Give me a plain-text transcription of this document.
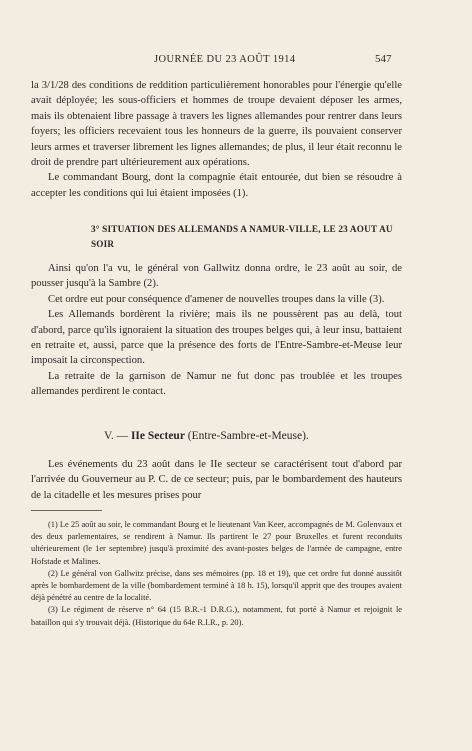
JOURNÉE DU 23 AOÛT 1914	547

la 3/1/28 des conditions de reddition particulièrement honorables pour l'énergie qu'elle avait déployée; les sous-officiers et hommes de troupe devaient déposer les armes, mais ils obtenaient libre passage à travers les lignes allemandes pour rentrer dans leurs foyers; les officiers recevaient tous les honneurs de la guerre, ils pouvaient conserver leurs armes et traverser librement les lignes allemandes; de plus, il leur était reconnu le droit de prendre part ultérieurement aux opérations.

Le commandant Bourg, dont la compagnie était entourée, dut bien se résoudre à accepter les conditions qui lui étaient imposées (1).

3° SITUATION DES ALLEMANDS A NAMUR-VILLE, LE 23 AOUT AU SOIR

Ainsi qu'on l'a vu, le général von Gallwitz donna ordre, le 23 août au soir, de pousser jusqu'à la Sambre (2).

Cet ordre eut pour conséquence d'amener de nouvelles troupes dans la ville (3).

Les Allemands bordèrent la rivière; mais ils ne poussèrent pas au delà, tout d'abord, parce qu'ils ignoraient la situation des troupes belges qui, à leur insu, battaient en retraite et, aussi, parce que la présence des forts de l'Entre-Sambre-et-Meuse leur imposait la circonspection.

La retraite de la garnison de Namur ne fut donc pas troublée et les troupes allemandes perdirent le contact.

V. — IIe Secteur (Entre-Sambre-et-Meuse).

Les événements du 23 août dans le IIe secteur se caractérisent tout d'abord par l'arrivée du Gouverneur au P. C. de ce secteur; puis, par le bombardement des hauteurs de la citadelle et les mesures prises pour

(1) Le 25 août au soir, le commandant Bourg et le lieutenant Van Keer, accompagnés de M. Golenvaux et des deux parlementaires, se rendirent à Namur. Ils partirent le 27 pour Bruxelles et furent reconduits ultérieurement (le 1er septembre) jusqu'à proximité des avant-postes belges de l'armée de campagne, entre Hofstade et Malines.

(2) Le général von Gallwitz précise, dans ses mémoires (pp. 18 et 19), que cet ordre fut donné aussitôt après le bombardement de la ville (bombardement terminé à 18 h. 15), lorsqu'il apprit que des troupes avaient déjà pénétré au centre de la localité.

(3) Le régiment de réserve n° 64 (15 B.R.-1 D.R.G.), notamment, fut porté à Namur et rejoignit le bataillon qui s'y trouvait déjà. (Historique du 64e R.I.R., p. 20).
